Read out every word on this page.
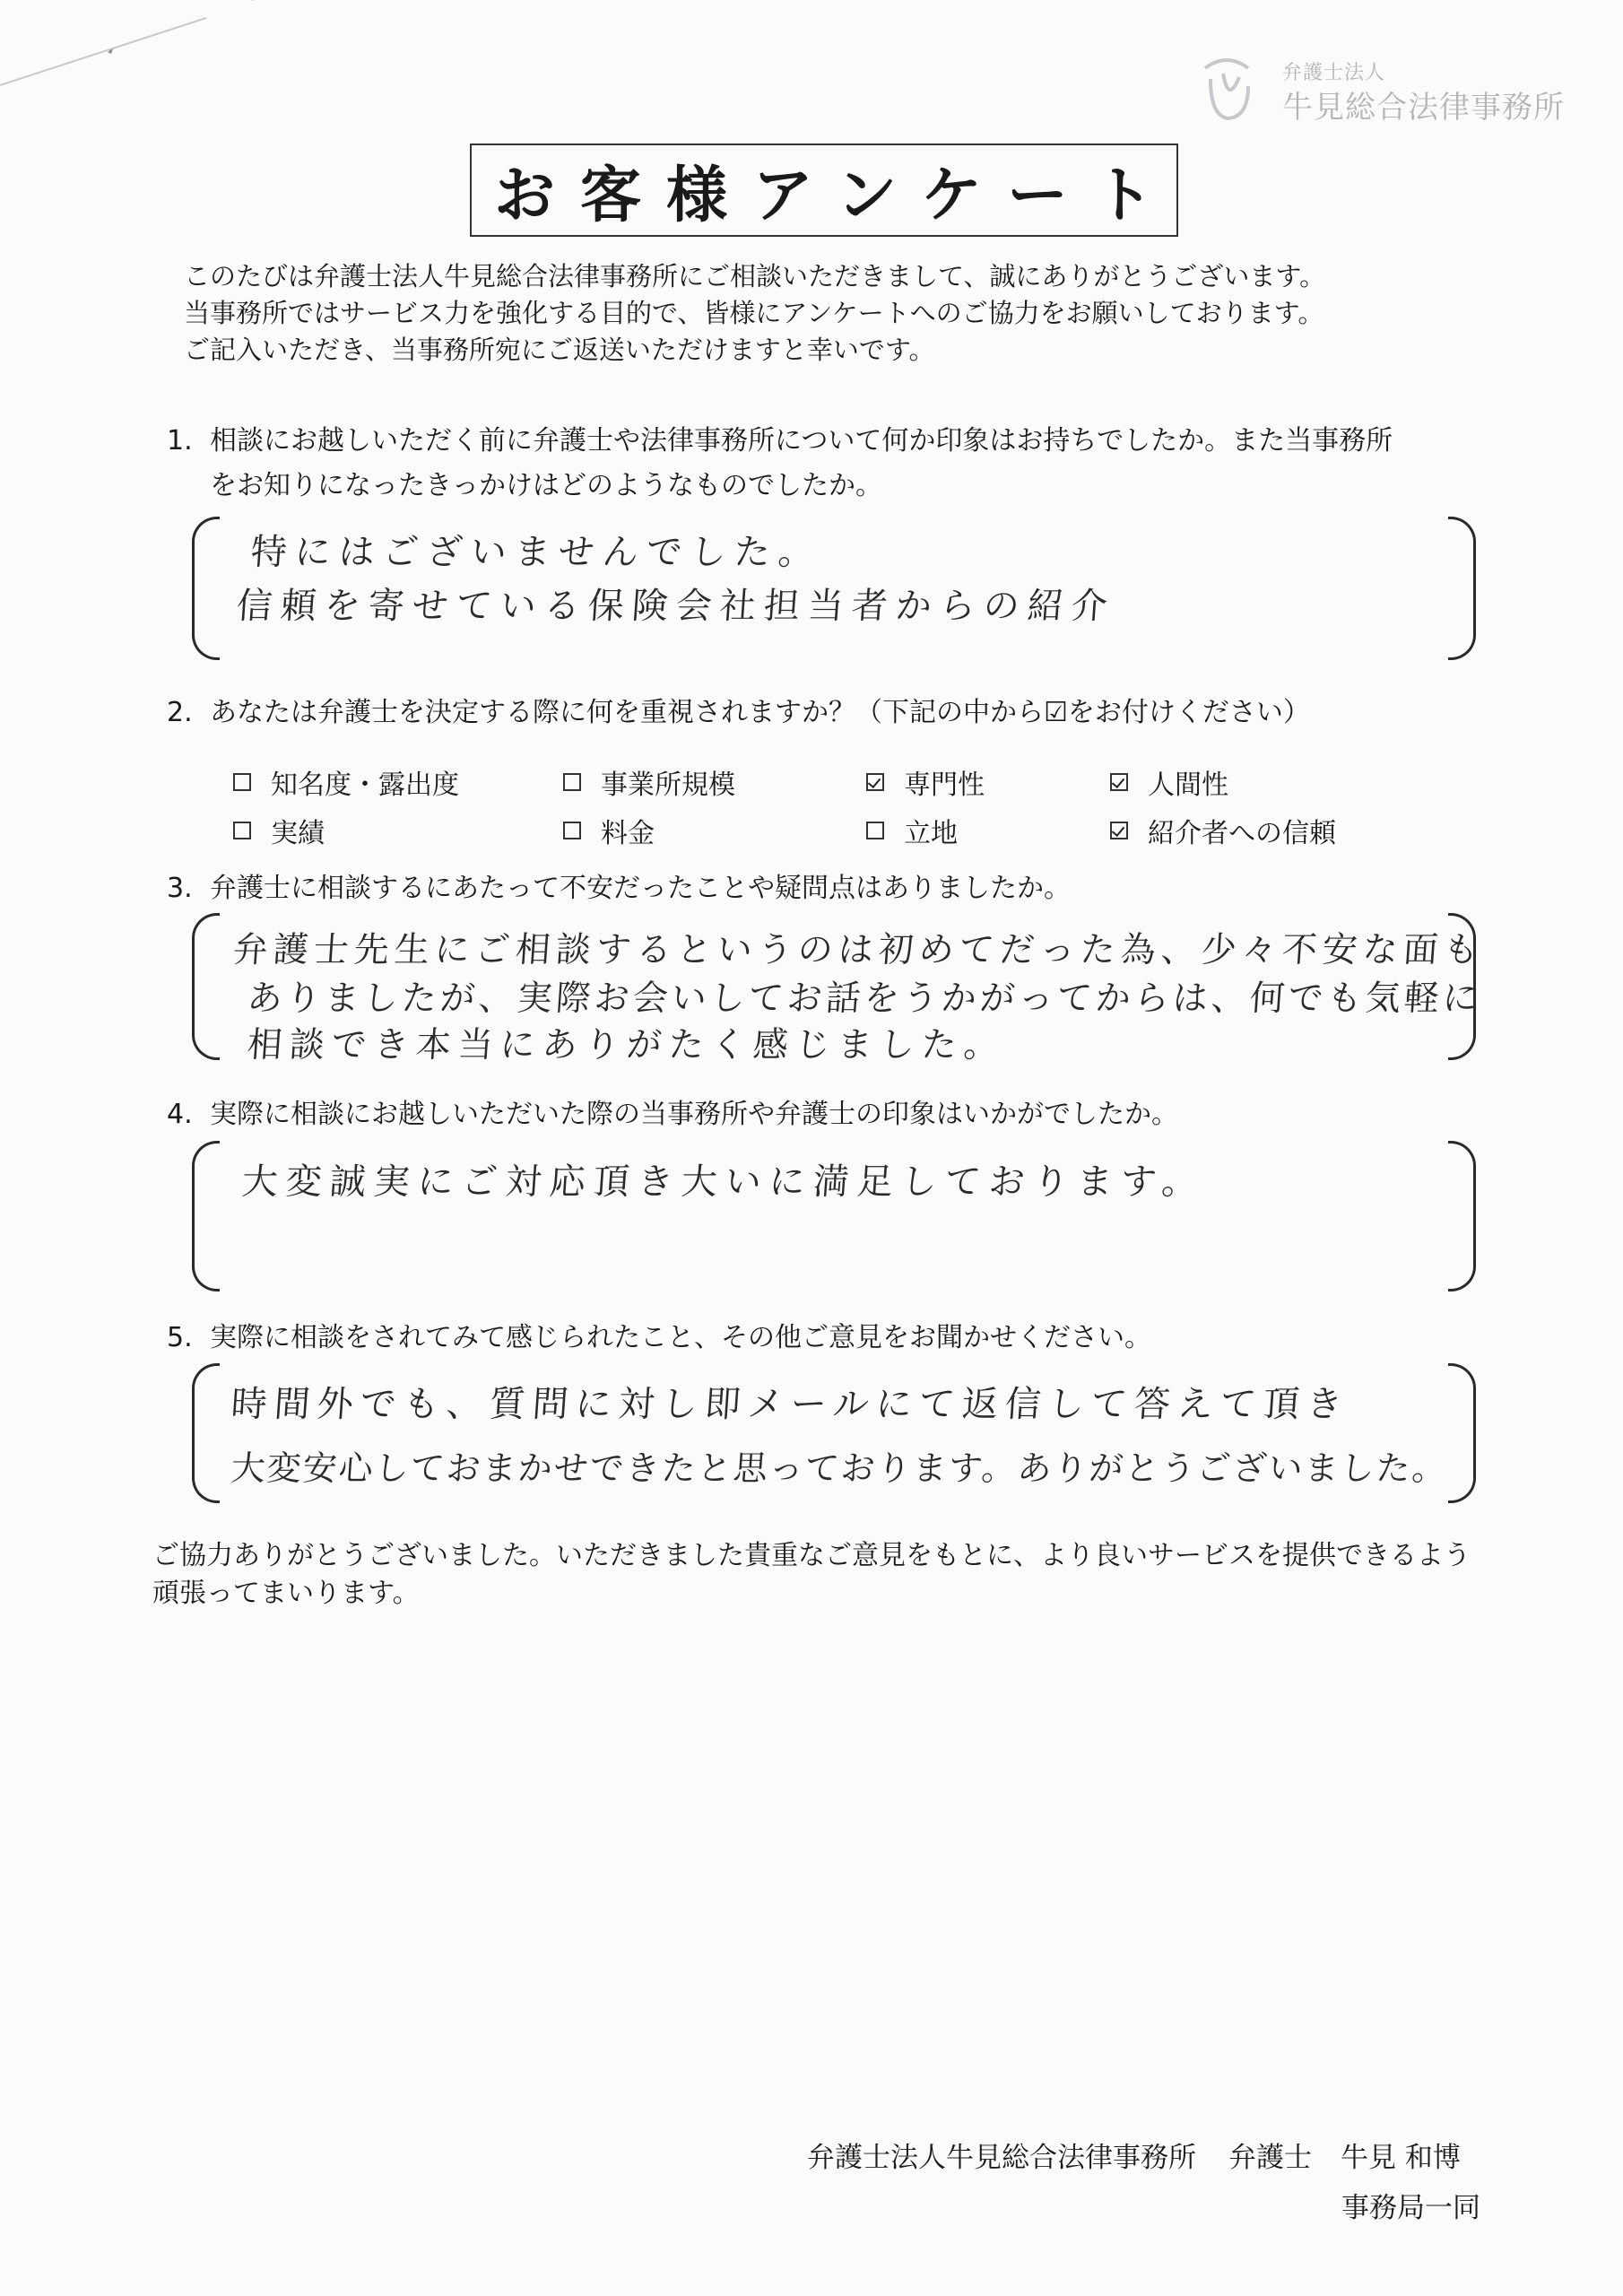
弁護士法人
牛見総合法律事務所
お客様アンケート
このたびは弁護士法人牛見総合法律事務所にご相談いただきまして、誠にありがとうございます。
当事務所ではサービス力を強化する目的で、皆様にアンケートへのご協力をお願いしております。
ご記入いただき、当事務所宛にご返送いただけますと幸いです。
1. 相談にお越しいただく前に弁護士や法律事務所について何か印象はお持ちでしたか。また当事務所
をお知りになったきっかけはどのようなものでしたか。
特にはございませんでした。
信頼を寄せている保険会社担当者からの紹介
2. あなたは弁護士を決定する際に何を重視されますか？（下記の中から☑をお付けください）
知名度・露出度	事業所規模	専門性	人間性
実績	料金	立地	紹介者への信頼
3. 弁護士に相談するにあたって不安だったことや疑問点はありましたか。
弁護士先生にご相談するというのは初めてだった為、少々不安な面も
ありましたが、実際お会いしてお話をうかがってからは、何でも気軽に
相談でき本当にありがたく感じました。
4. 実際に相談にお越しいただいた際の当事務所や弁護士の印象はいかがでしたか。
大変誠実にご対応頂き大いに満足しております。
5. 実際に相談をされてみて感じられたこと、その他ご意見をお聞かせください。
時間外でも、質問に対し即メールにて返信して答えて頂き
大変安心しておまかせできたと思っております。ありがとうございました。
ご協力ありがとうございました。いただきました貴重なご意見をもとに、より良いサービスを提供できるよう
頑張ってまいります。
弁護士法人牛見総合法律事務所 弁護士 牛見 和博
事務局一同
